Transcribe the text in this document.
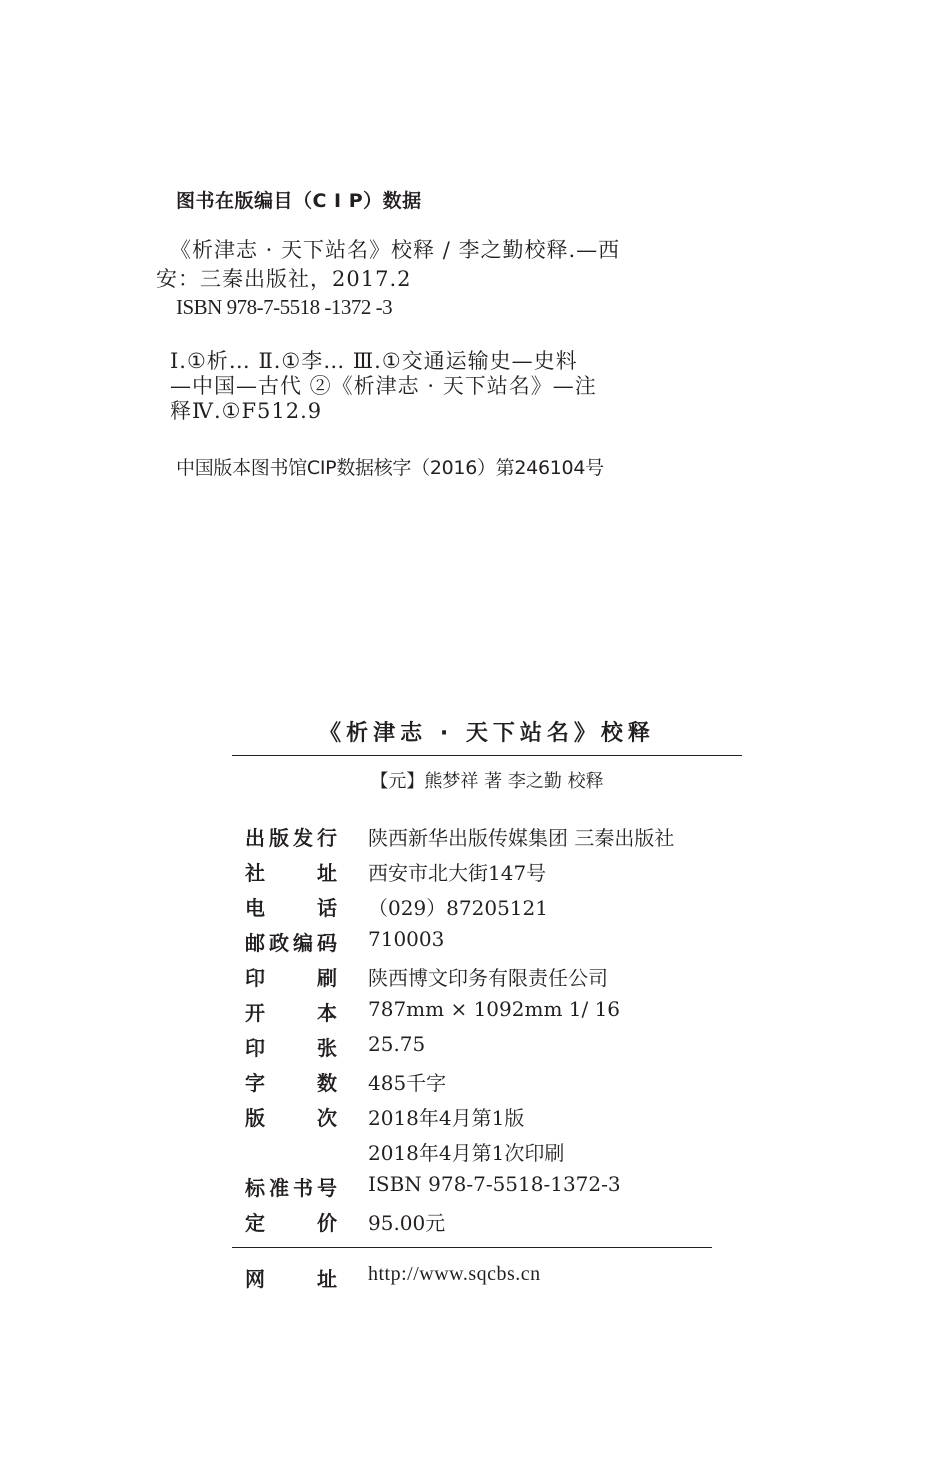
图书在版编目（C I P）数据
《析津志 · 天下站名》校释 / 李之勤校释.—西
安：三秦出版社，2017.2
ISBN 978-7-5518 -1372 -3
Ⅰ.①析… Ⅱ.①李… Ⅲ.①交通运输史—史料
—中国—古代 ②《析津志 · 天下站名》—注
释Ⅳ.①F512.9
中国版本图书馆CIP数据核字（2016）第246104号
《析津志 · 天下站名》校释
【元】熊梦祥 著 李之勤 校释
出版发行 陕西新华出版传媒集团 三秦出版社
社址 西安市北大街147号
电话 （029）87205121
邮政编码 710003
印刷 陕西博文印务有限责任公司
开本 787mm × 1092mm 1/ 16
印张 25.75
字数 485千字
版次 2018年4月第1版
2018年4月第1次印刷
标准书号 ISBN 978-7-5518-1372-3
定价 95.00元
网址 http://www.sqcbs.cn
